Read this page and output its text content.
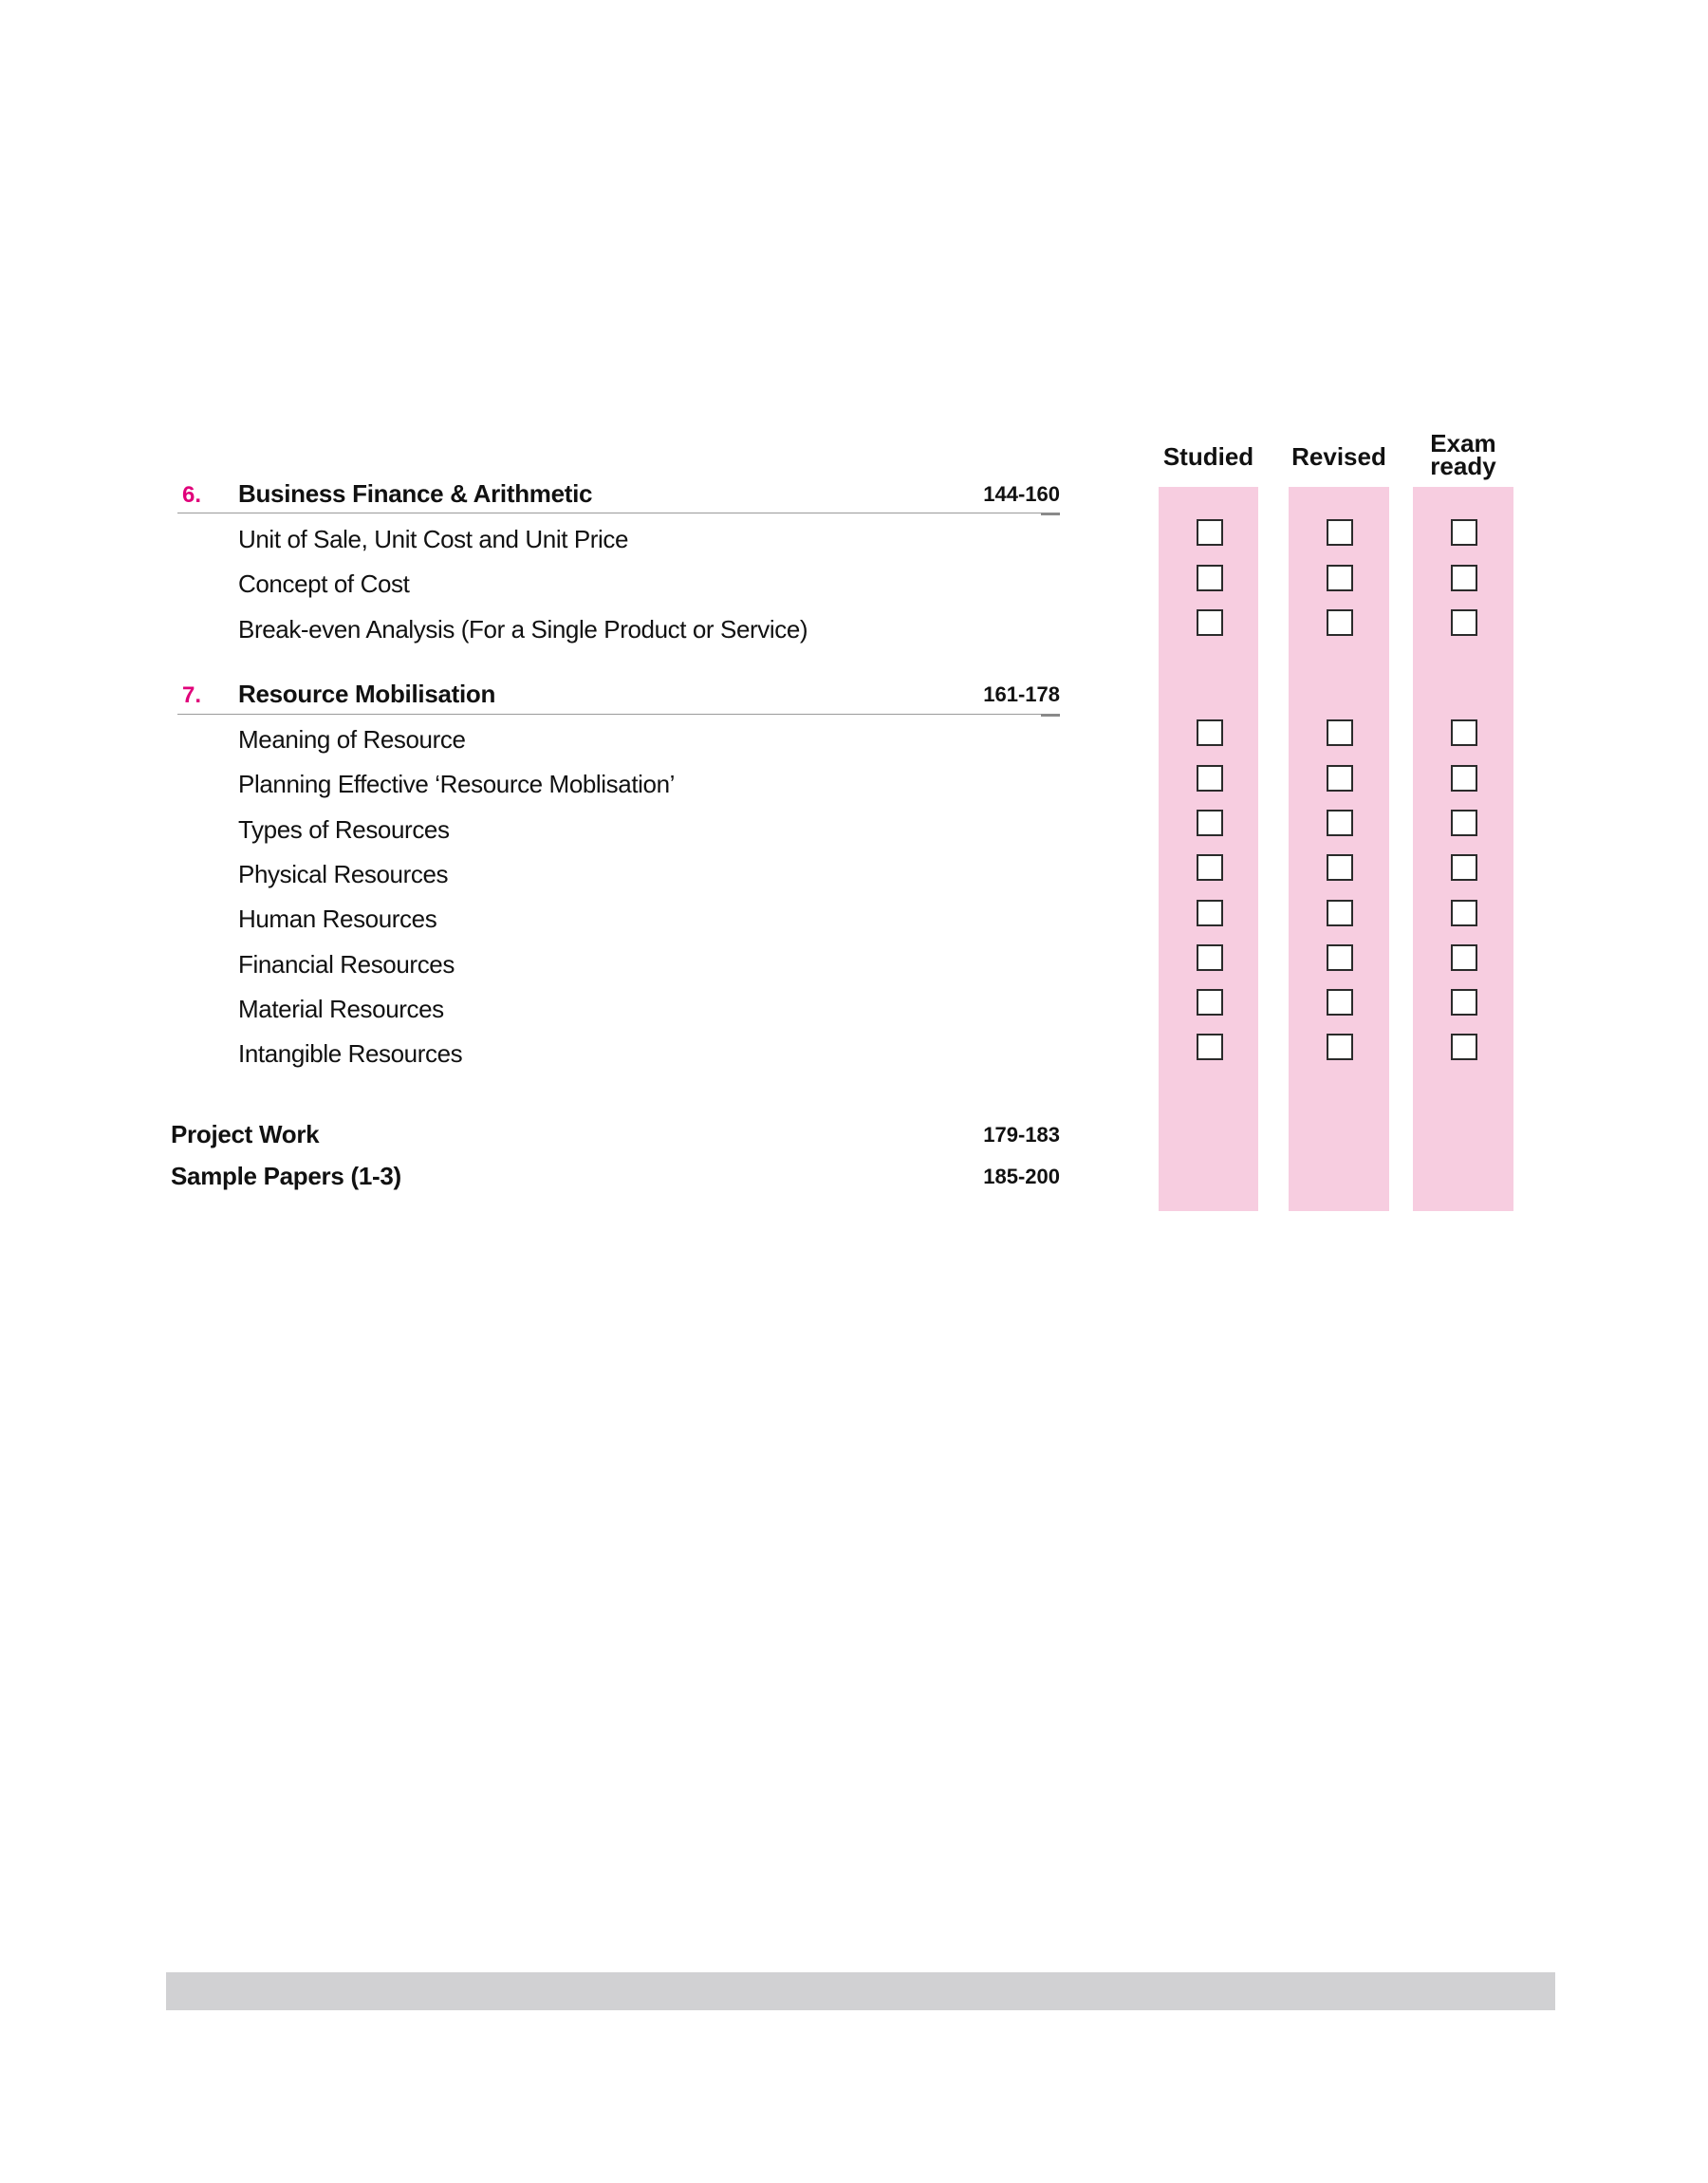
Studied	Revised	Exam
ready
6. Business Finance & Arithmetic	144-160
Unit of Sale, Unit Cost and Unit Price
Concept of Cost
Break-even Analysis (For a Single Product or Service)
7. Resource Mobilisation	161-178
Meaning of Resource
Planning Effective ‘Resource Moblisation’
Types of Resources
Physical Resources
Human Resources
Financial Resources
Material Resources
Intangible Resources
Project Work	179-183
Sample Papers (1-3)	185-200
